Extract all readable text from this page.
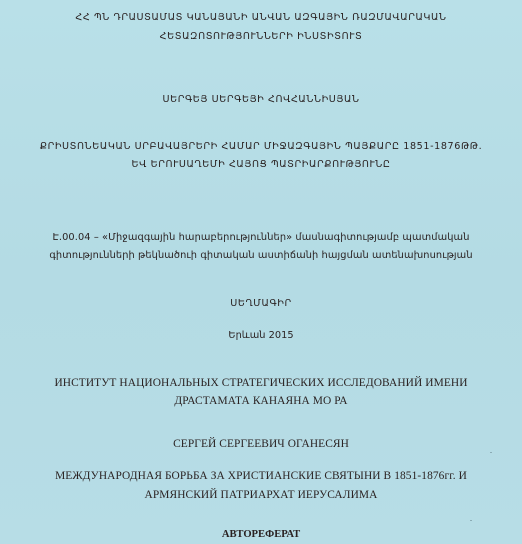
ՀՀ ՊՆ ԴՐԱՍՏԱՄԱՏ ԿԱՆԱՅԱՆԻ ԱՆՎԱՆ ԱԶԳԱՅԻՆ ՌԱԶՄԱՎԱՐԱԿԱՆ
ՀԵՏԱԶՈՏՈՒԹՅՈՒՆՆԵՐԻ ԻՆՍՏԻՏՈՒՏ
ՍԵՐԳԵՅ ՍԵՐԳԵՅԻ ՀՈՎՀԱՆՆԻՍՅԱՆ
ՔՐԻՍՏՈՆԵԱԿԱՆ ՍՐԲԱՎԱՅՐԵՐԻ ՀԱՄԱՐ ՄԻՋԱԶԳԱՅԻՆ ՊԱՅՔԱՐԸ 1851-1876ԹԹ.
ԵՎ ԵՐՈՒՍԱՂԵՄԻ ՀԱՅՈՑ ՊԱՏՐԻԱՐՔՈՒԹՅՈՒՆԸ
Է.00.04 – «Միջազգային հարաբերություններ» մասնագիտությամբ պատմական
գիտությունների թեկնածուի գիտական աստիճանի հայցման ատենախոսության
ՍԵՂՄԱԳԻՐ
Երևան 2015
ИНСТИТУТ НАЦИОНАЛЬНЫХ СТРАТЕГИЧЕСКИХ ИССЛЕДОВАНИЙ ИМЕНИ
ДРАСТАМАТА КАНАЯНА МО РА
СЕРГЕЙ СЕРГЕЕВИЧ ОГАНЕСЯН
МЕЖДУНАРОДНАЯ БОРЬБА ЗА ХРИСТИАНСКИЕ СВЯТЫНИ В 1851-1876гг. И
АРМЯНСКИЙ ПАТРИАРХАТ ИЕРУСАЛИМА
АВТОРЕФЕРАТ
